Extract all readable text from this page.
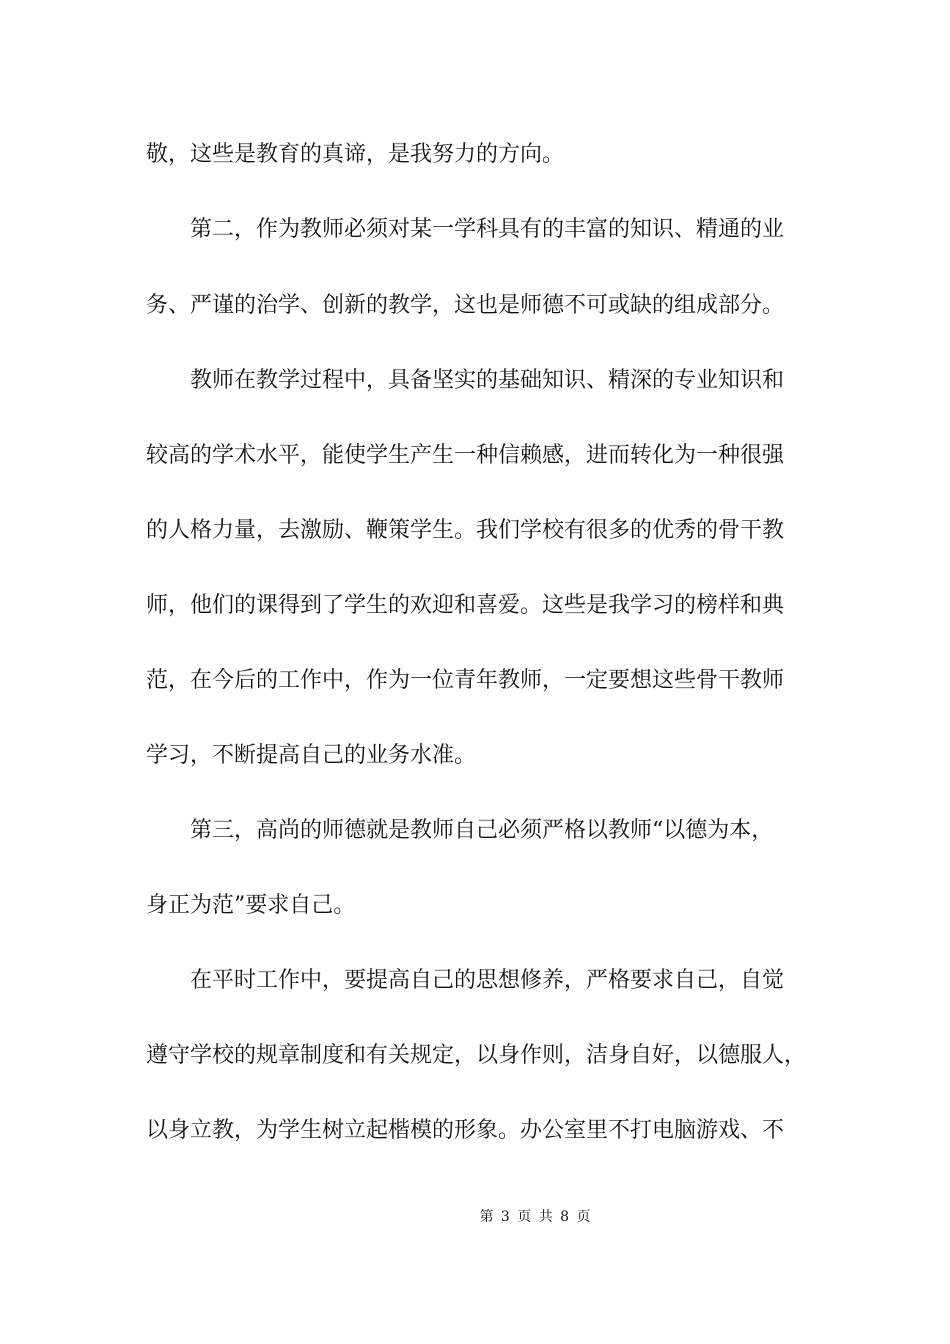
敬，这些是教育的真谛，是我努力的方向。
　　第二，作为教师必须对某一学科具有的丰富的知识、精通的业
务、严谨的治学、创新的教学，这也是师德不可或缺的组成部分。
　　教师在教学过程中，具备坚实的基础知识、精深的专业知识和
较高的学术水平，能使学生产生一种信赖感，进而转化为一种很强
的人格力量，去激励、鞭策学生。我们学校有很多的优秀的骨干教
师，他们的课得到了学生的欢迎和喜爱。这些是我学习的榜样和典
范，在今后的工作中，作为一位青年教师，一定要想这些骨干教师
学习，不断提高自己的业务水准。
　　第三，高尚的师德就是教师自己必须严格以教师“以德为本，
身正为范”要求自己。
　　在平时工作中，要提高自己的思想修养，严格要求自己，自觉
遵守学校的规章制度和有关规定，以身作则，洁身自好，以德服人，
以身立教，为学生树立起楷模的形象。办公室里不打电脑游戏、不
第 3 页 共 8 页
